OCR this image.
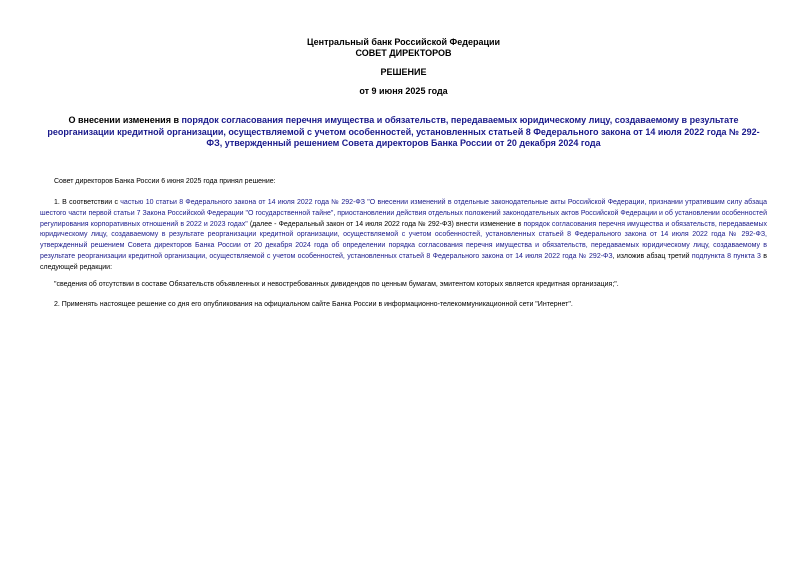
Центральный банк Российской Федерации
СОВЕТ ДИРЕКТОРОВ
РЕШЕНИЕ
от 9 июня 2025 года
О внесении изменения в порядок согласования перечня имущества и обязательств, передаваемых юридическому лицу, создаваемому в результате реорганизации кредитной организации, осуществляемой с учетом особенностей, установленных статьей 8 Федерального закона от 14 июля 2022 года № 292-ФЗ, утвержденный решением Совета директоров Банка России от 20 декабря 2024 года
Совет директоров Банка России 6 июня 2025 года принял решение:
1. В соответствии с частью 10 статьи 8 Федерального закона от 14 июля 2022 года № 292-ФЗ "О внесении изменений в отдельные законодательные акты Российской Федерации, признании утратившим силу абзаца шестого части первой статьи 7 Закона Российской Федерации "О государственной тайне", приостановлении действия отдельных положений законодательных актов Российской Федерации и об установлении особенностей регулирования корпоративных отношений в 2022 и 2023 годах" (далее - Федеральный закон от 14 июля 2022 года № 292-ФЗ) внести изменение в порядок согласования перечня имущества и обязательств, передаваемых юридическому лицу, создаваемому в результате реорганизации кредитной организации, осуществляемой с учетом особенностей, установленных статьей 8 Федерального закона от 14 июля 2022 года № 292-ФЗ, утвержденный решением Совета директоров Банка России от 20 декабря 2024 года об определении порядка согласования перечня имущества и обязательств, передаваемых юридическому лицу, создаваемому в результате реорганизации кредитной организации, осуществляемой с учетом особенностей, установленных статьей 8 Федерального закона от 14 июля 2022 года № 292-ФЗ, изложив абзац третий подпункта 8 пункта 3 в следующей редакции:
"сведения об отсутствии в составе Обязательств объявленных и невостребованных дивидендов по ценным бумагам, эмитентом которых является кредитная организация;".
2. Применять настоящее решение со дня его опубликования на официальном сайте Банка России в информационно-телекоммуникационной сети "Интернет".
